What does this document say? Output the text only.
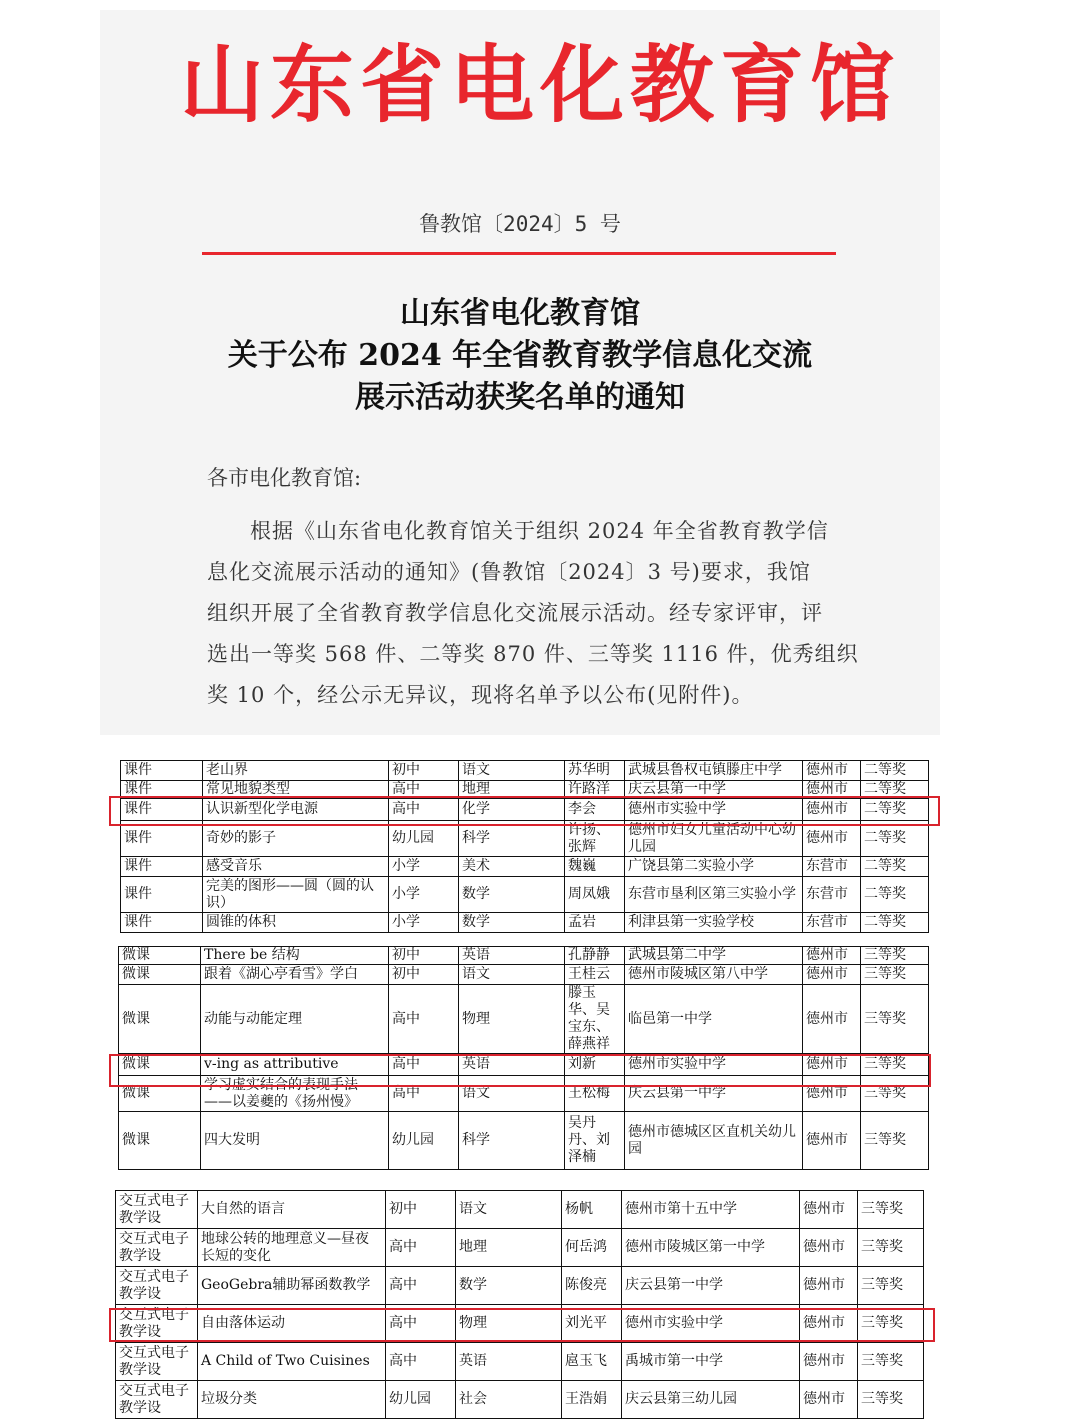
山东省电化教育馆
鲁教馆〔2024〕5 号
山东省电化教育馆
关于公布 2024 年全省教育教学信息化交流
展示活动获奖名单的通知
各市电化教育馆:
根据《山东省电化教育馆关于组织 2024 年全省教育教学信
息化交流展示活动的通知》(鲁教馆〔2024〕3 号)要求，我馆
组织开展了全省教育教学信息化交流展示活动。经专家评审，评
选出一等奖 568 件、二等奖 870 件、三等奖 1116 件，优秀组织
奖 10 个，经公示无异议，现将名单予以公布(见附件)。
课件	老山界	初中	语文	苏华明	武城县鲁权屯镇滕庄中学	德州市	二等奖
课件	常见地貌类型	高中	地理	许路洋	庆云县第一中学	德州市	二等奖
课件	认识新型化学电源	高中	化学	李会	德州市实验中学	德州市	二等奖
课件	奇妙的影子	幼儿园	科学	许扬、张辉	德州市妇女儿童活动中心幼儿园	德州市	二等奖
课件	感受音乐	小学	美术	魏巍	广饶县第二实验小学	东营市	二等奖
课件	完美的图形——圆（圆的认识）	小学	数学	周凤娥	东营市垦利区第三实验小学	东营市	二等奖
课件	圆锥的体积	小学	数学	孟岩	利津县第一实验学校	东营市	二等奖
微课	There be 结构	初中	英语	孔静静	武城县第二中学	德州市	三等奖
微课	跟着《湖心亭看雪》学白	初中	语文	王桂云	德州市陵城区第八中学	德州市	三等奖
微课	动能与动能定理	高中	物理	滕玉华、吴宝东、薛燕祥	临邑第一中学	德州市	三等奖
微课	v-ing as attributive	高中	英语	刘新	德州市实验中学	德州市	三等奖
微课	学习虚实结合的表现手法——以姜夔的《扬州慢》	高中	语文	王松梅	庆云县第一中学	德州市	三等奖
微课	四大发明	幼儿园	科学	吴丹丹、刘泽楠	德州市德城区区直机关幼儿园	德州市	三等奖
交互式电子教学设	大自然的语言	初中	语文	杨帆	德州市第十五中学	德州市	三等奖
交互式电子教学设	地球公转的地理意义—昼夜长短的变化	高中	地理	何岳鸿	德州市陵城区第一中学	德州市	三等奖
交互式电子教学设	GeoGebra辅助幂函数教学	高中	数学	陈俊亮	庆云县第一中学	德州市	三等奖
交互式电子教学设	自由落体运动	高中	物理	刘光平	德州市实验中学	德州市	三等奖
交互式电子教学设	A Child of Two Cuisines	高中	英语	扈玉飞	禹城市第一中学	德州市	三等奖
交互式电子教学设	垃圾分类	幼儿园	社会	王浩娟	庆云县第三幼儿园	德州市	三等奖
